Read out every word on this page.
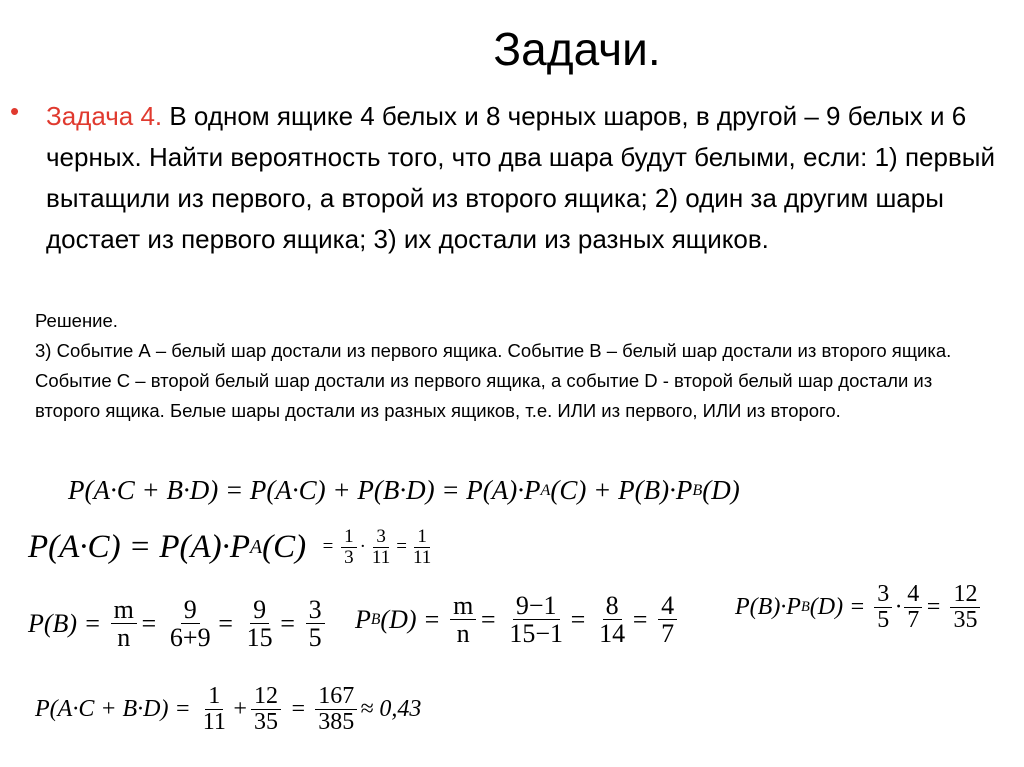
Задачи.
• Задача 4. В одном ящике 4 белых и 8 черных шаров, в другой – 9 белых и 6 черных. Найти вероятность того, что два шара будут белыми, если: 1) первый вытащили из первого, а второй из второго ящика; 2) один за другим шары достает из первого ящика; 3) их достали из разных ящиков.
Решение.
3) Событие А – белый шар достали из первого ящика. Событие В – белый шар достали из второго ящика. Событие С – второй белый шар достали из первого ящика, а событие D - второй белый шар достали из второго ящика. Белые шары достали из разных ящиков, т.е. ИЛИ из первого, ИЛИ из второго.
P(A·C + B·D) = P(A·C) + P(B·D) = P(A)·P A (C) + P(B)·P B (D)
P(A·C) = P(A)·P A $(C) = \frac{1}{3} \cdot \frac{3}{11} = \frac{1}{11}$
$P(B) = \frac{m}{n} = \frac{9}{6+9} = \frac{9}{15} = \frac{3}{5}$ P B $(D) = \frac{m}{n} = \frac{9-1}{15-1} = \frac{8}{14} = \frac{4}{7} P(B)\cdot P$ B $(D) = \frac{3}{5} \cdot \frac{4}{7} = \frac{12}{35}$
$P(A\cdot C + B\cdot D) = \frac{1}{11} + \frac{12}{35} = \frac{167}{385} \approx 0,43$
